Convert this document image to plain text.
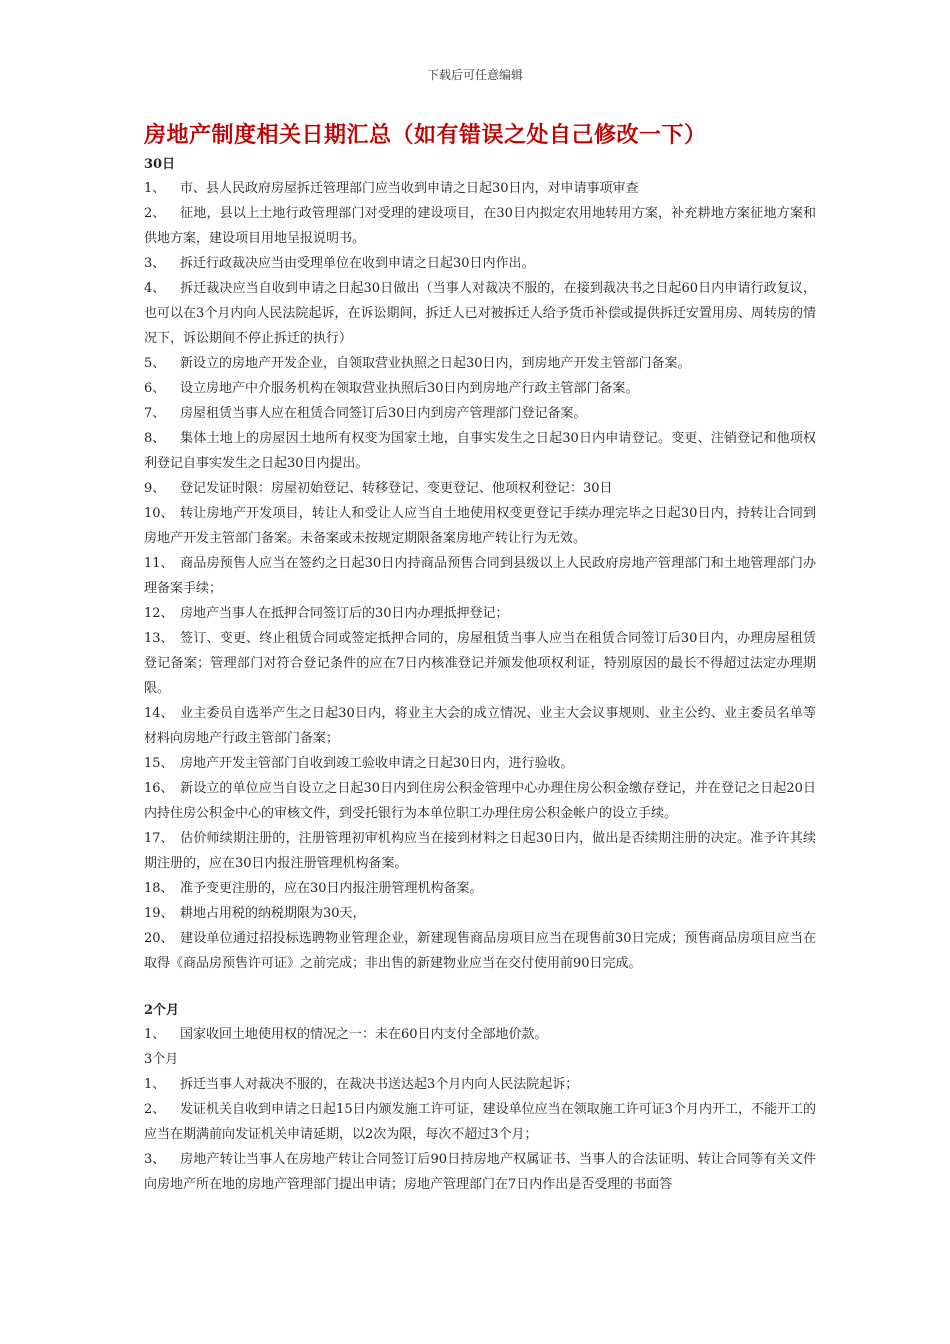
下载后可任意编辑
房地产制度相关日期汇总（如有错误之处自己修改一下）
30日

1、 市、县人民政府房屋拆迁管理部门应当收到申请之日起30日内，对申请事项审查

2、 征地，县以上土地行政管理部门对受理的建设项目，在30日内拟定农用地转用方案，补充耕地方案征地方案和供地方案，建设项目用地呈报说明书。

3、 拆迁行政裁决应当由受理单位在收到申请之日起30日内作出。

4、 拆迁裁决应当自收到申请之日起30日做出（当事人对裁决不服的，在接到裁决书之日起60日内申请行政复议，也可以在3个月内向人民法院起诉，在诉讼期间，拆迁人已对被拆迁人给予货币补偿或提供拆迁安置用房、周转房的情况下，诉讼期间不停止拆迁的执行）

5、 新设立的房地产开发企业，自领取营业执照之日起30日内，到房地产开发主管部门备案。

6、 设立房地产中介服务机构在领取营业执照后30日内到房地产行政主管部门备案。

7、 房屋租赁当事人应在租赁合同签订后30日内到房产管理部门登记备案。

8、 集体土地上的房屋因土地所有权变为国家土地，自事实发生之日起30日内申请登记。变更、注销登记和他项权利登记自事实发生之日起30日内提出。

9、 登记发证时限：房屋初始登记、转移登记、变更登记、他项权利登记：30日

10、 转让房地产开发项目，转让人和受让人应当自土地使用权变更登记手续办理完毕之日起30日内，持转让合同到房地产开发主管部门备案。未备案或未按规定期限备案房地产转让行为无效。

11、 商品房预售人应当在签约之日起30日内持商品预售合同到县级以上人民政府房地产管理部门和土地管理部门办理备案手续；

12、 房地产当事人在抵押合同签订后的30日内办理抵押登记；

13、 签订、变更、终止租赁合同或签定抵押合同的，房屋租赁当事人应当在租赁合同签订后30日内，办理房屋租赁登记备案；管理部门对符合登记条件的应在7日内核准登记并颁发他项权利证，特别原因的最长不得超过法定办理期限。

14、 业主委员自选举产生之日起30日内，将业主大会的成立情况、业主大会议事规则、业主公约、业主委员名单等材料向房地产行政主管部门备案；

15、 房地产开发主管部门自收到竣工验收申请之日起30日内，进行验收。

16、 新设立的单位应当自设立之日起30日内到住房公积金管理中心办理住房公积金缴存登记，并在登记之日起20日内持住房公积金中心的审核文件，到受托银行为本单位职工办理住房公积金帐户的设立手续。

17、 估价师续期注册的，注册管理初审机构应当在接到材料之日起30日内，做出是否续期注册的决定。准予许其续期注册的，应在30日内报注册管理机构备案。

18、 准予变更注册的，应在30日内报注册管理机构备案。

19、 耕地占用税的纳税期限为30天，

20、 建设单位通过招投标选聘物业管理企业，新建现售商品房项目应当在现售前30日完成；预售商品房项目应当在取得《商品房预售许可证》之前完成；非出售的新建物业应当在交付使用前90日完成。

2个月

1、 国家收回土地使用权的情况之一：未在60日内支付全部地价款。

3个月

1、 拆迁当事人对裁决不服的，在裁决书送达起3个月内向人民法院起诉；

2、 发证机关自收到申请之日起15日内颁发施工许可证，建设单位应当在领取施工许可证3个月内开工，不能开工的应当在期满前向发证机关申请延期，以2次为限，每次不超过3个月；

3、 房地产转让当事人在房地产转让合同签订后90日持房地产权属证书、当事人的合法证明、转让合同等有关文件向房地产所在地的房地产管理部门提出申请；房地产管理部门在7日内作出是否受理的书面答
